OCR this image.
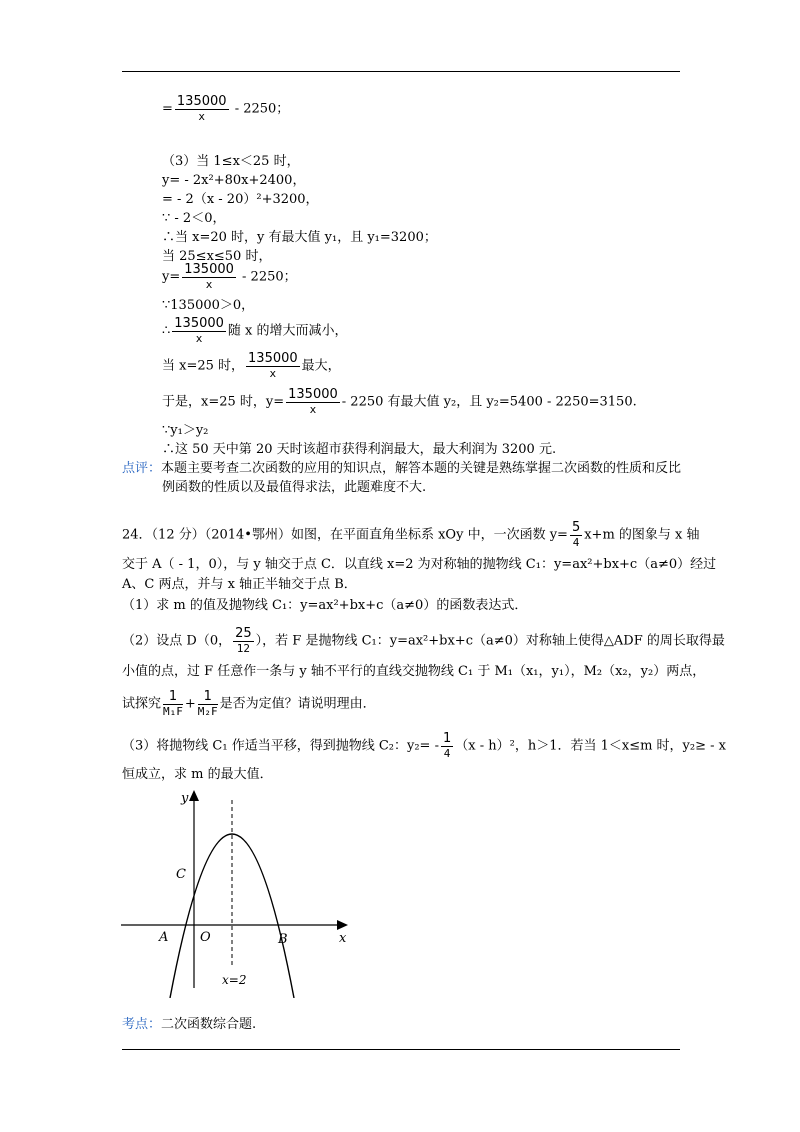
= $\frac{135000}{x} - 2250$；
（3）当 1≤x＜25 时，
y= - 2x²+80x+2400，
= - 2（x - 20）²+3200，
∵ - 2＜0，
∴当 x=20 时，y 有最大值 y₁，且 y₁=3200；
当 25≤x≤50 时，
$y= \frac{135000}{x} - 2250$；
∵135000＞0，
∴ $\frac{135000}{x}$ 随 x 的增大而减小，
当 x=25 时， $\frac{135000}{x}$ 最大，
于是，x=25 时，$y= \frac{135000}{x} - 2250$ 有最大值 y₂，且 y₂=5400 - 2250=3150.
∵y₁＞y₂
∴这 50 天中第 20 天时该超市获得利润最大，最大利润为 3200 元.
点评：本题主要考查二次函数的应用的知识点，解答本题的关键是熟练掌握二次函数的性质和反比
例函数的性质以及最值得求法，此题难度不大.
24．（12 分）（2014•鄂州）如图，在平面直角坐标系 xOy 中，一次函数 $y= \frac{5}{4} x+m$ 的图象与 x 轴
交于 A（ - 1，0），与 y 轴交于点 C．以直线 x=2 为对称轴的抛物线 C₁：y=ax²+bx+c（a≠0）经过
A、C 两点，并与 x 轴正半轴交于点 B．
（1）求 m 的值及抛物线 C₁：y=ax²+bx+c（a≠0）的函数表达式．
（2）设点 D（0， $\frac{25}{12}$ ），若 F 是抛物线 C₁：y=ax²+bx+c（a≠0）对称轴上使得△ADF 的周长取得最
小值的点，过 F 任意作一条与 y 轴不平行的直线交抛物线 C₁ 于 M₁（x₁，y₁），M₂（x₂，y₂）两点，
试探究 $\frac{1}{\text{M₁F}} + \frac{1}{\text{M₂F}}$ 是否为定值？请说明理由．
（3）将抛物线 C₁ 作适当平移，得到抛物线 C₂：$y_2= - \frac{1}{4} (x - h)^2$，h＞1．若当 1＜x≤m 时，y₂≥ - x
恒成立，求 m 的最大值．
y
x
A O	B
C
x=2
考点：二次函数综合题.
